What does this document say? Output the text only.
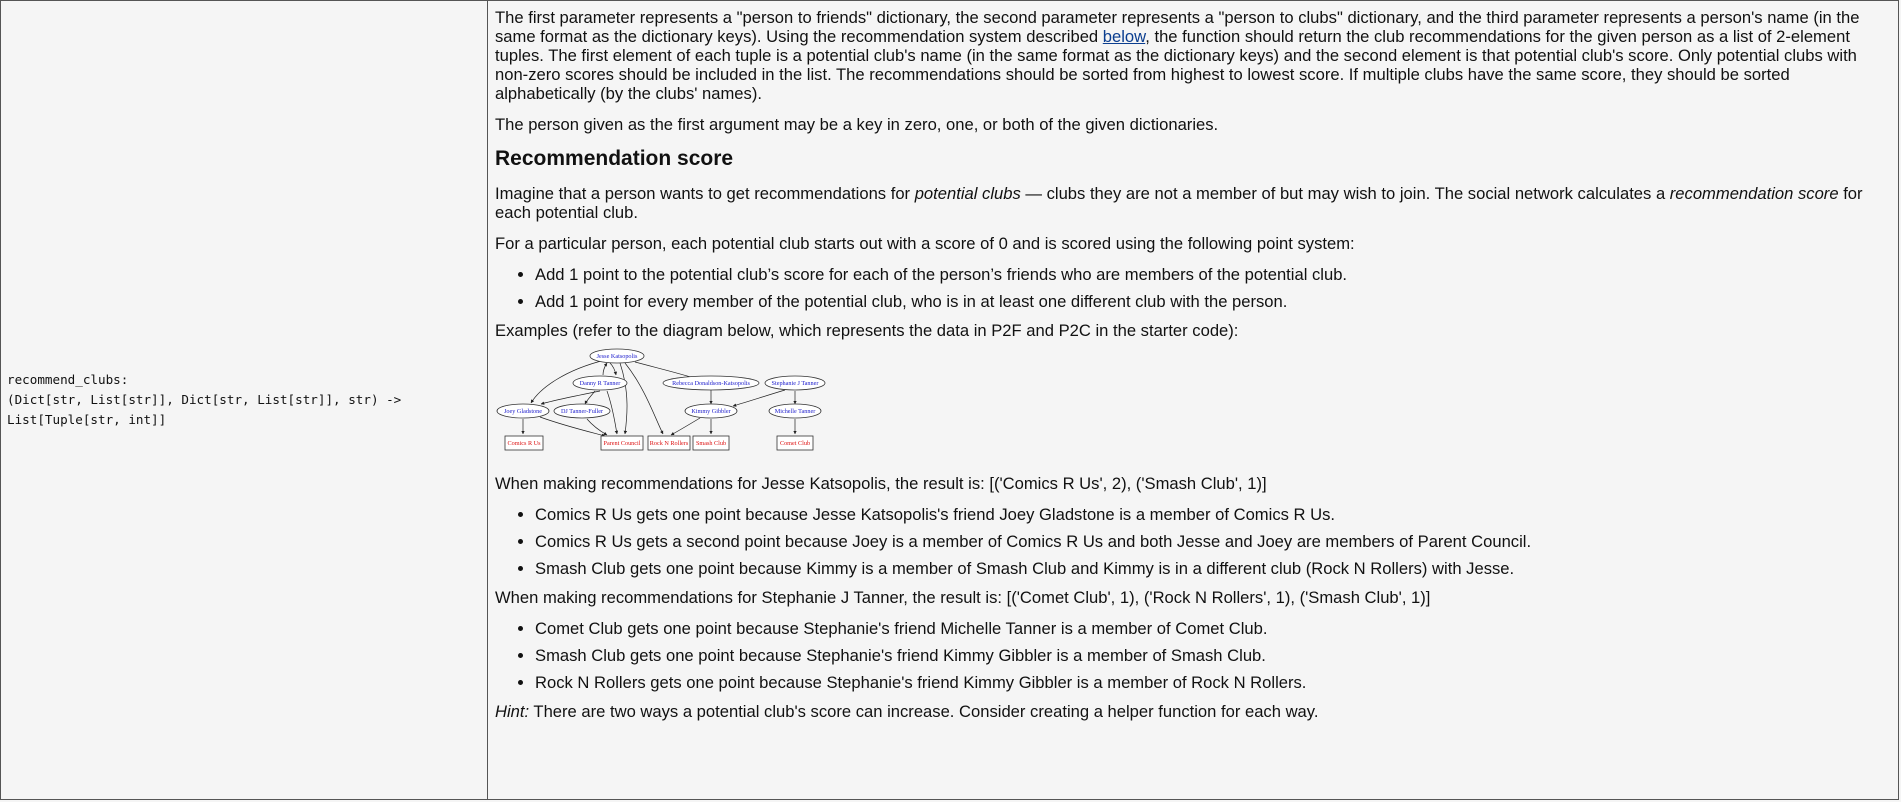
recommend_clubs:
(Dict[str, List[str]], Dict[str, List[str]], str) ->
List[Tuple[str, int]]

The first parameter represents a "person to friends" dictionary, the second parameter represents a "person to clubs" dictionary, and the third parameter represents a person's name (in the same format as the dictionary keys). Using the recommendation system described below, the function should return the club recommendations for the given person as a list of 2-element tuples. The first element of each tuple is a potential club's name (in the same format as the dictionary keys) and the second element is that potential club's score. Only potential clubs with non-zero scores should be included in the list. The recommendations should be sorted from highest to lowest score. If multiple clubs have the same score, they should be sorted alphabetically (by the clubs' names).

The person given as the first argument may be a key in zero, one, or both of the given dictionaries.

Recommendation score

Imagine that a person wants to get recommendations for potential clubs — clubs they are not a member of but may wish to join. The social network calculates a recommendation score for each potential club.

For a particular person, each potential club starts out with a score of 0 and is scored using the following point system:

• Add 1 point to the potential club’s score for each of the person’s friends who are members of the potential club.
• Add 1 point for every member of the potential club, who is in at least one different club with the person.

Examples (refer to the diagram below, which represents the data in P2F and P2C in the starter code):

Jesse Katsopolis
Danny R Tanner	Rebecca Donaldson-Katsopolis	Stephanie J Tanner
Joey Gladstone	DJ Tanner-Fuller	Kimmy Gibbler	Michelle Tanner
Comics R Us	Parent Council Rock N Rollers Smash Club	Comet Club

When making recommendations for Jesse Katsopolis, the result is: [('Comics R Us', 2), ('Smash Club', 1)]

• Comics R Us gets one point because Jesse Katsopolis's friend Joey Gladstone is a member of Comics R Us.
• Comics R Us gets a second point because Joey is a member of Comics R Us and both Jesse and Joey are members of Parent Council.
• Smash Club gets one point because Kimmy is a member of Smash Club and Kimmy is in a different club (Rock N Rollers) with Jesse.

When making recommendations for Stephanie J Tanner, the result is: [('Comet Club', 1), ('Rock N Rollers', 1), ('Smash Club', 1)]

• Comet Club gets one point because Stephanie's friend Michelle Tanner is a member of Comet Club.
• Smash Club gets one point because Stephanie's friend Kimmy Gibbler is a member of Smash Club.
• Rock N Rollers gets one point because Stephanie's friend Kimmy Gibbler is a member of Rock N Rollers.

Hint: There are two ways a potential club's score can increase. Consider creating a helper function for each way.
